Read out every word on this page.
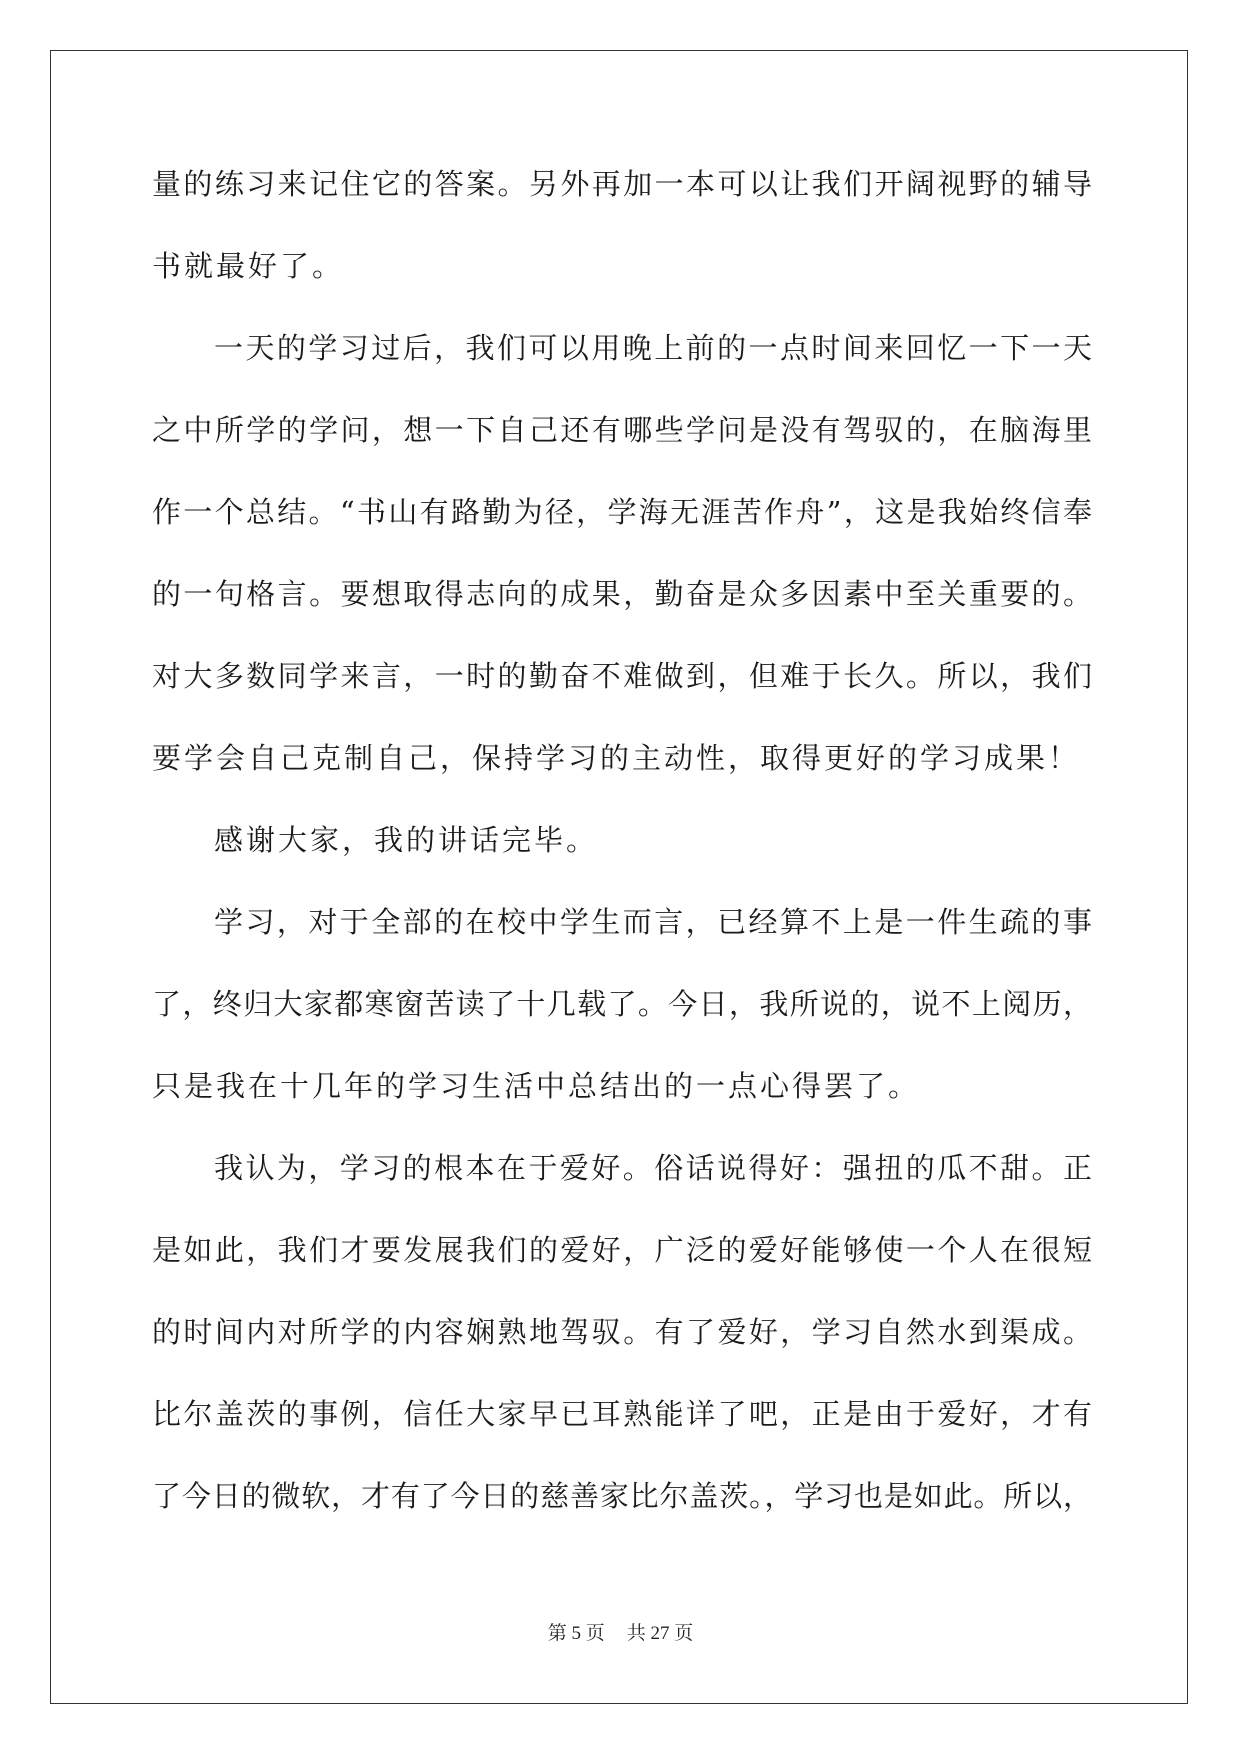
量的练习来记住它的答案。另外再加一本可以让我们开阔视野的辅导
书就最好了。
一天的学习过后，我们可以用晚上前的一点时间来回忆一下一天
之中所学的学问，想一下自己还有哪些学问是没有驾驭的，在脑海里
作一个总结。“书山有路勤为径，学海无涯苦作舟”，这是我始终信奉
的一句格言。要想取得志向的成果，勤奋是众多因素中至关重要的。
对大多数同学来言，一时的勤奋不难做到，但难于长久。所以，我们
要学会自己克制自己，保持学习的主动性，取得更好的学习成果！
感谢大家，我的讲话完毕。
学习，对于全部的在校中学生而言，已经算不上是一件生疏的事
了，终归大家都寒窗苦读了十几载了。今日，我所说的，说不上阅历，
只是我在十几年的学习生活中总结出的一点心得罢了。
我认为，学习的根本在于爱好。俗话说得好：强扭的瓜不甜。正
是如此，我们才要发展我们的爱好，广泛的爱好能够使一个人在很短
的时间内对所学的内容娴熟地驾驭。有了爱好，学习自然水到渠成。
比尔盖茨的事例，信任大家早已耳熟能详了吧，正是由于爱好，才有
了今日的微软，才有了今日的慈善家比尔盖茨。，学习也是如此。所以，
第 5 页 共 27 页
